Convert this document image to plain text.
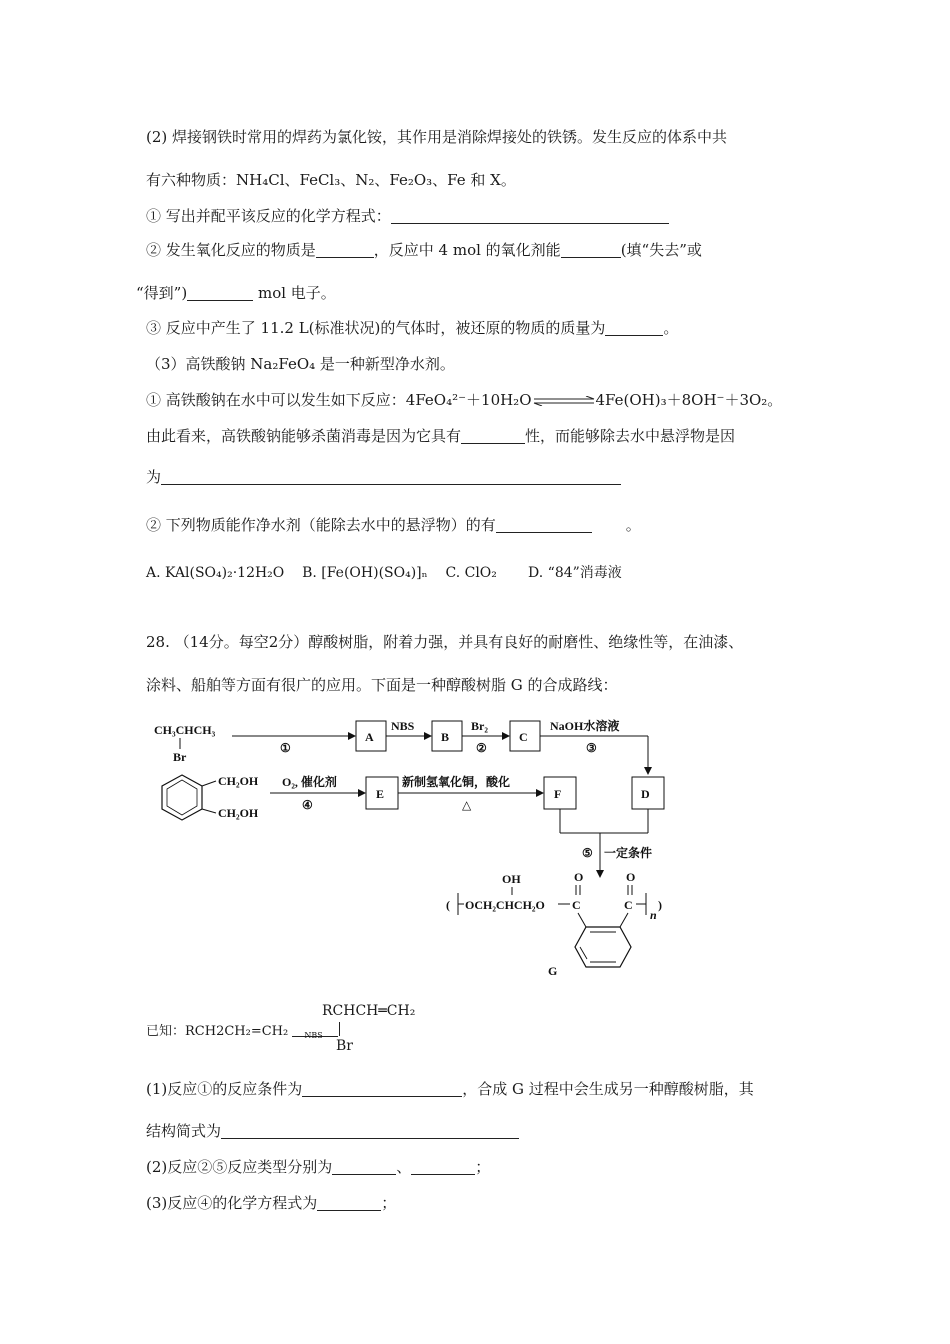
(2) 焊接钢铁时常用的焊药为氯化铵，其作用是消除焊接处的铁锈。发生反应的体系中共
有六种物质：NH₄Cl、FeCl₃、N₂、Fe₂O₃、Fe 和 X。
① 写出并配平该反应的化学方程式：
② 发生氧化反应的物质是	，反应中 4 mol 的氧化剂能	(填“失去”或
“得到”)	mol 电子。
③ 反应中产生了 11.2 L(标准状况)的气体时，被还原的物质的质量为	。
（3）高铁酸钠 Na₂FeO₄ 是一种新型净水剂。
① 高铁酸钠在水中可以发生如下反应：4FeO₄²⁻＋10H₂O	4Fe(OH)₃＋8OH⁻＋3O₂。
由此看来，高铁酸钠能够杀菌消毒是因为它具有	性，而能够除去水中悬浮物是因
为
② 下列物质能作净水剂（能除去水中的悬浮物）的有	。
A. KAl(SO₄)₂·12H₂O    B. [Fe(OH)(SO₄)]ₙ    C. ClO₂       D. “84”消毒液
28. （14分。每空2分）醇酸树脂，附着力强，并具有良好的耐磨性、绝缘性等，在油漆、
涂料、船舶等方面有很广的应用。下面是一种醇酸树脂 G 的合成路线：
CH₃CHCH₃
Br
①
A
NBS
B
Br₂
②
C
NaOH水溶液
③
D
CH₂OH
CH₂OH
O₂, 催化剂
④
E
新制氢氧化铜，酸化
△
F
⑤ 一定条件
OH	O	O
( OCH₂CHCH₂O C	C
n
)
G
已知：RCH2CH₂=CH₂ NBS
RCHCH═CH₂
Br
(1)反应①的反应条件为	，合成 G 过程中会生成另一种醇酸树脂，其
结构简式为
(2)反应②⑤反应类型分别为	、	；
(3)反应④的化学方程式为	；
